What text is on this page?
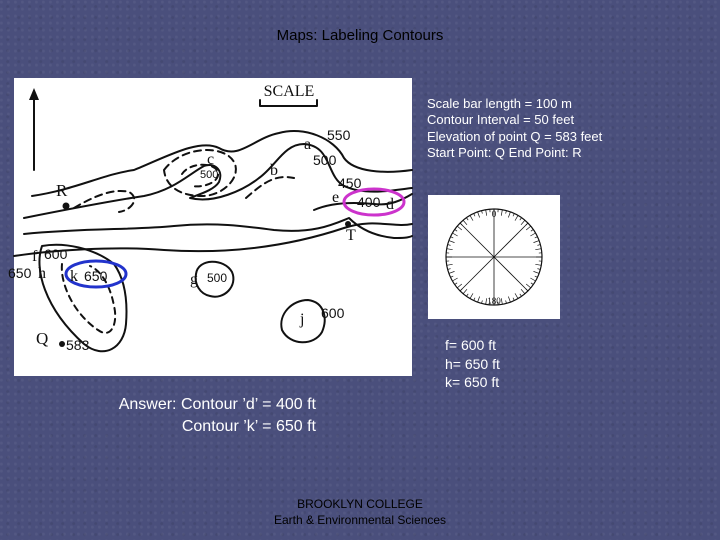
Maps: Labeling Contours
SCALE
a
b
c
d
e
f
h k	g
j
R
Q
T
550
500
450
400
500
600
650	650	500
600
583
Scale bar length = 100 m
Contour Interval = 50 feet
Elevation of point Q = 583 feet
Start Point: Q End Point: R
0
180
f= 600 ft
h= 650 ft
k= 650 ft
Answer: Contour ’d’ = 400 ft
Contour ’k’ = 650 ft
BROOKLYN COLLEGE
Earth & Environmental Sciences
